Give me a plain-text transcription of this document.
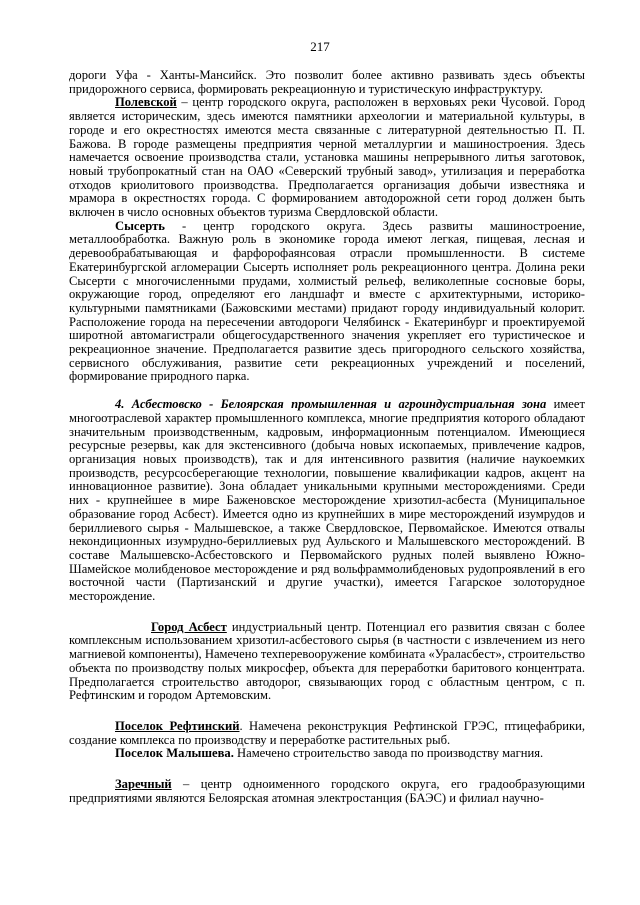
217

дороги Уфа - Ханты-Мансийск. Это позволит более активно развивать здесь объекты придорожного сервиса, формировать рекреационную и туристическую инфраструктуру.

Полевской – центр городского округа, расположен в верховьях реки Чусовой. Город является историческим, здесь имеются памятники археологии и материальной культуры, в городе и его окрестностях имеются места связанные с литературной деятельностью П. П. Бажова. В городе размещены предприятия черной металлургии и машиностроения. Здесь намечается освоение производства стали, установка машины непрерывного литья заготовок, новый трубопрокатный стан на ОАО «Северский трубный завод», утилизация и переработка отходов криолитового производства. Предполагается организация добычи известняка и мрамора в окрестностях города. С формированием автодорожной сети город должен быть включен в число основных объектов туризма Свердловской области.

Сысерть - центр городского округа. Здесь развиты машиностроение, металлообработка. Важную роль в экономике города имеют легкая, пищевая, лесная и деревообрабатывающая и фарфорофаянсовая отрасли промышленности. В системе Екатеринбургской агломерации Сысерть исполняет роль рекреационного центра. Долина реки Сысерти с многочисленными прудами, холмистый рельеф, великолепные сосновые боры, окружающие город, определяют его ландшафт и вместе с архитектурными, историко-культурными памятниками (Бажовскими местами) придают городу индивидуальный колорит. Расположение города на пересечении автодороги Челябинск - Екатеринбург и проектируемой широтной автомагистрали общегосударственного значения укрепляет его туристическое и рекреационное значение. Предполагается развитие здесь пригородного сельского хозяйства, сервисного обслуживания, развитие сети рекреационных учреждений и поселений, формирование природного парка.

4. Асбестовско - Белоярская промышленная и агроиндустриальная зона имеет многоотраслевой характер промышленного комплекса, многие предприятия которого обладают значительным производственным, кадровым, информационным потенциалом. Имеющиеся ресурсные резервы, как для экстенсивного (добыча новых ископаемых, привлечение кадров, организация новых производств), так и для интенсивного развития (наличие наукоемких производств, ресурсосберегающие технологии, повышение квалификации кадров, акцент на инновационное развитие). Зона обладает уникальными крупными месторождениями. Среди них - крупнейшее в мире Баженовское месторождение хризотил-асбеста (Муниципальное образование город Асбест). Имеется одно из крупнейших в мире месторождений изумрудов и бериллиевого сырья - Малышевское, а также Свердловское, Первомайское. Имеются отвалы некондиционных изумрудно-бериллиевых руд Аульского и Малышевского месторождений. В составе Малышевско-Асбестовского и Первомайского рудных полей выявлено Южно-Шамейское молибденовое месторождение и ряд вольфраммолибденовых рудопроявлений в его восточной части (Партизанский и другие участки), имеется Гагарское золоторудное месторождение.

Город Асбест индустриальный центр. Потенциал его развития связан с более комплексным использованием хризотил-асбестового сырья (в частности с извлечением из него магниевой компоненты), Намечено техперевооружение комбината «Ураласбест», строительство объекта по производству полых микросфер, объекта для переработки баритового концентрата. Предполагается строительство автодорог, связывающих город с областным центром, с п. Рефтинским и городом Артемовским.

Поселок Рефтинский. Намечена реконструкция Рефтинской ГРЭС, птицефабрики, создание комплекса по производству и переработке растительных рыб.

Поселок Малышева. Намечено строительство завода по производству магния.

Заречный – центр одноименного городского округа, его градообразующими предприятиями являются Белоярская атомная электростанция (БАЭС) и филиал научно-
